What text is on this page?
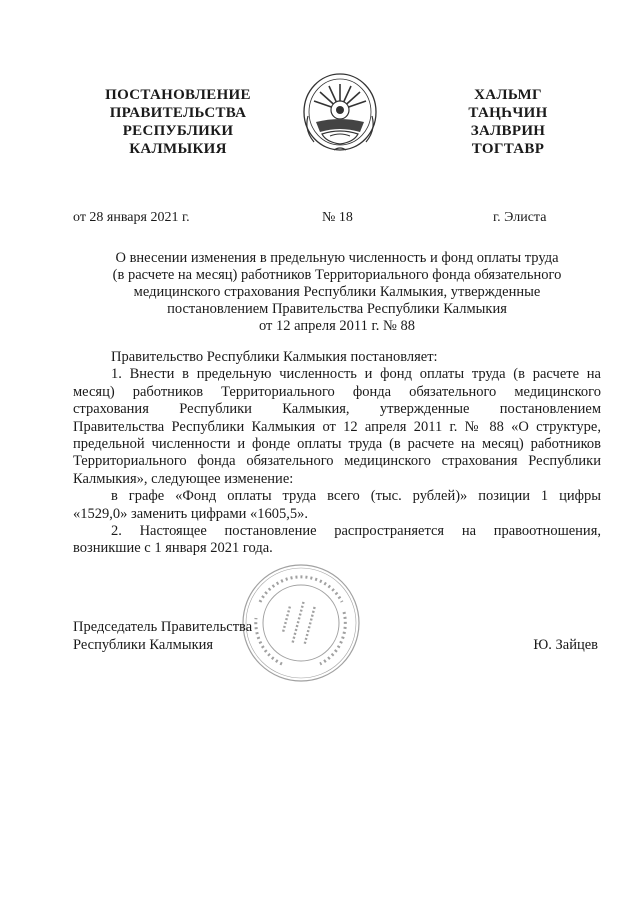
ПОСТАНОВЛЕНИЕ
ПРАВИТЕЛЬСТВА
РЕСПУБЛИКИ
КАЛМЫКИЯ
ХАЛЬМГ
ТАҢҺЧИН
ЗАЛВРИН
ТОГТАВР
от 28 января 2021 г.	№ 18	г. Элиста
О внесении изменения в предельную численность и фонд оплаты труда
(в расчете на месяц) работников Территориального фонда обязательного
медицинского страхования Республики Калмыкия, утвержденные
постановлением Правительства Республики Калмыкия
от 12 апреля 2011 г. № 88
Правительство Республики Калмыкия постановляет:
1. Внести в предельную численность и фонд оплаты труда (в расчете на
месяц) работников Территориального фонда обязательного медицинского
страхования Республики Калмыкия, утвержденные постановлением
Правительства Республики Калмыкия от 12 апреля 2011 г. № 88 «О структуре,
предельной численности и фонде оплаты труда (в расчете на месяц) работников
Территориального фонда обязательного медицинского страхования Республики
Калмыкия», следующее изменение:
в графе «Фонд оплаты труда всего (тыс. рублей)» позиции 1 цифры
«1529,0» заменить цифрами «1605,5».
2. Настоящее постановление распространяется на правоотношения,
возникшие с 1 января 2021 года.
Председатель Правительства
Республики Калмыкия	Ю. Зайцев
